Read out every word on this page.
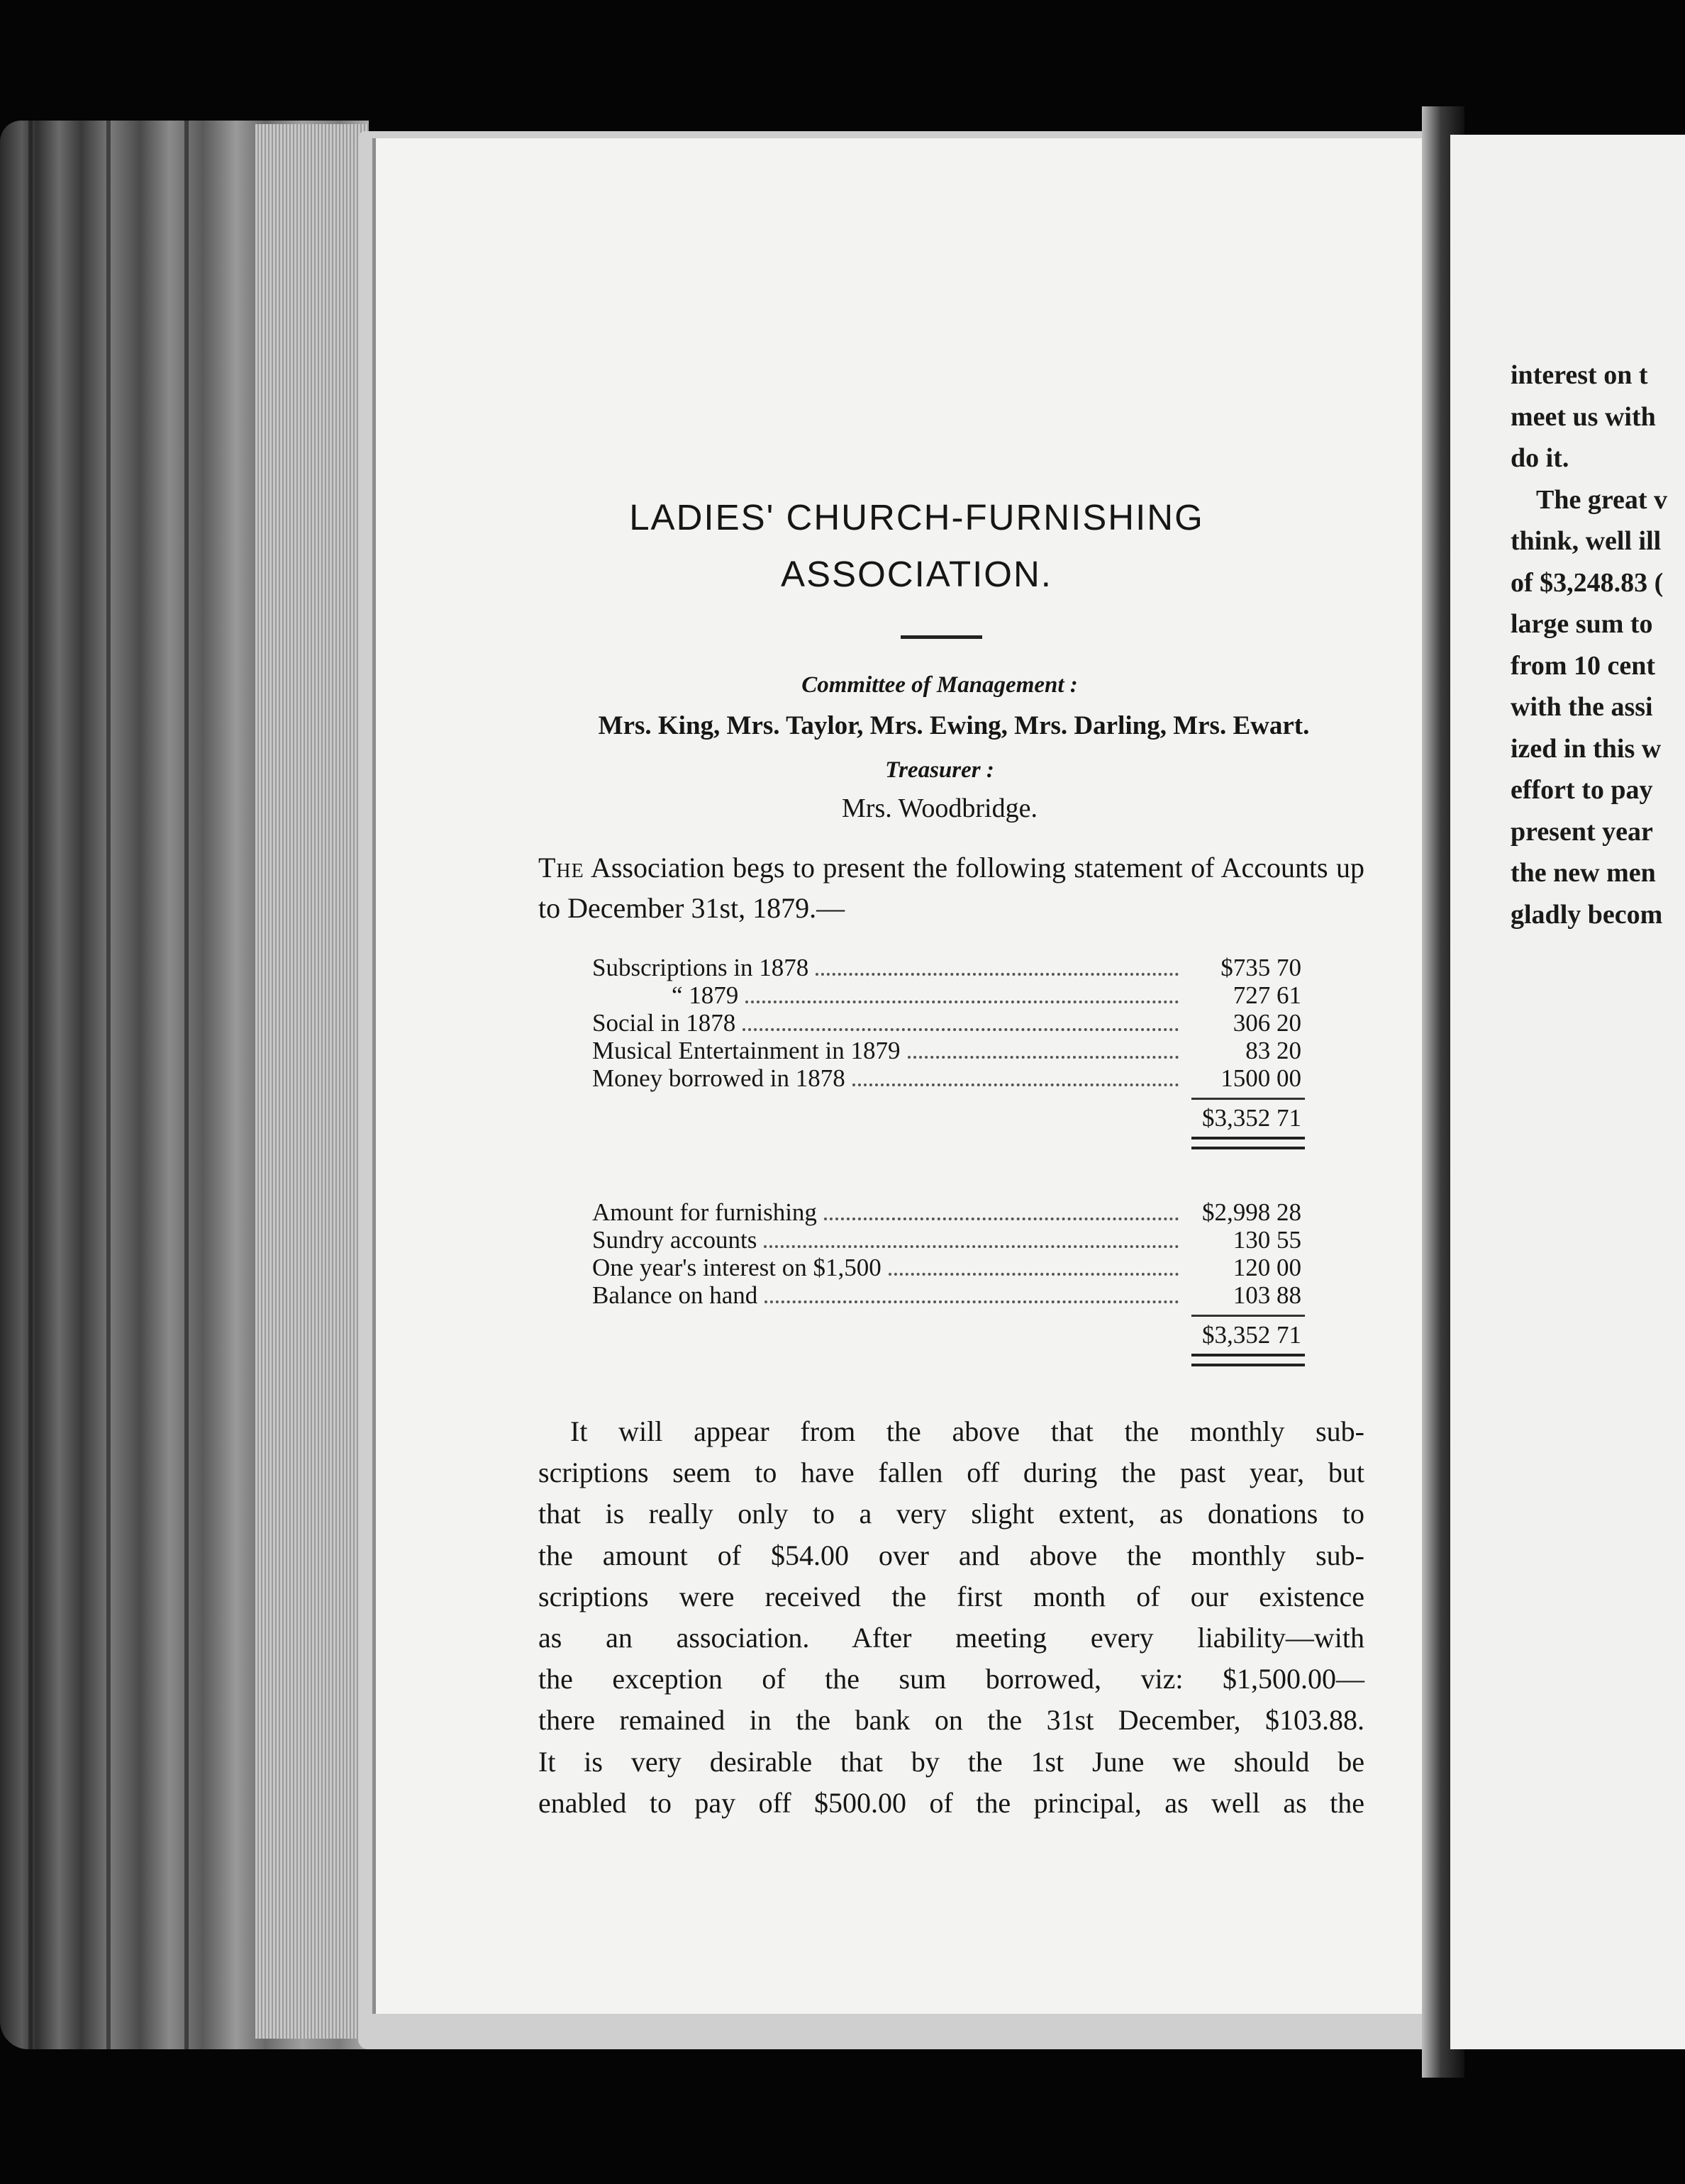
LADIES' CHURCH-FURNISHING
ASSOCIATION.
Committee of Management :
Mrs. King, Mrs. Taylor, Mrs. Ewing, Mrs. Darling, Mrs. Ewart.
Treasurer :
Mrs. Woodbridge.
The Association begs to present the following statement of Accounts up to December 31st, 1879.—
Subscriptions in 1878	$735 70
“ 1879	727 61
Social in 1878	306 20
Musical Entertainment in 1879	83 20
Money borrowed in 1878	1500 00
$3,352 71
Amount for furnishing	$2,998 28
Sundry accounts	130 55
One year's interest on $1,500	120 00
Balance on hand	103 88
$3,352 71
It will appear from the above that the monthly sub-
scriptions seem to have fallen off during the past year, but
that is really only to a very slight extent, as donations to
the amount of $54.00 over and above the monthly sub-
scriptions were received the first month of our existence
as an association. After meeting every liability—with
the exception of the sum borrowed, viz: $1,500.00—
there remained in the bank on the 31st December, $103.88.
It is very desirable that by the 1st June we should be
enabled to pay off $500.00 of the principal, as well as the
interest on t
meet us with
do it.
The great v
think, well ill
of $3,248.83 (
large sum to
from 10 cent
with the assi
ized in this w
effort to pay
present year
the new men
gladly becom
